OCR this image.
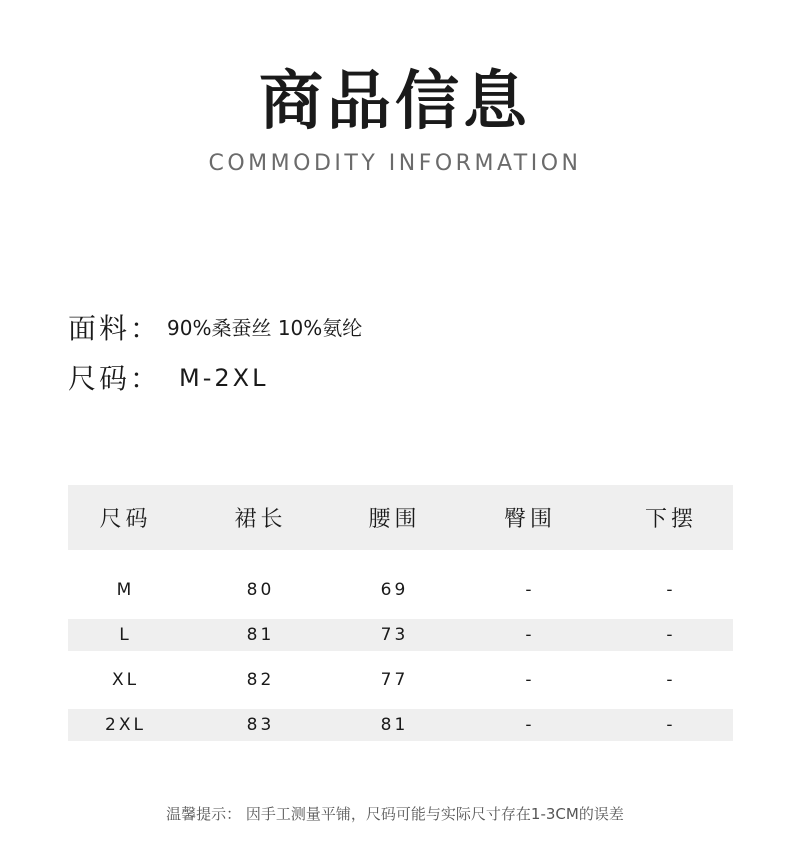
商品信息
COMMODITY INFORMATION
面料： 90%桑蚕丝 10%氨纶
尺码： M-2XL
尺码	裙长	腰围	臀围	下摆
M	80	69	-	-
L	81	73	-	-
XL	82	77	-	-
2XL	83	81	-	-
温馨提示： 因手工测量平铺，尺码可能与实际尺寸存在1-3CM的误差
